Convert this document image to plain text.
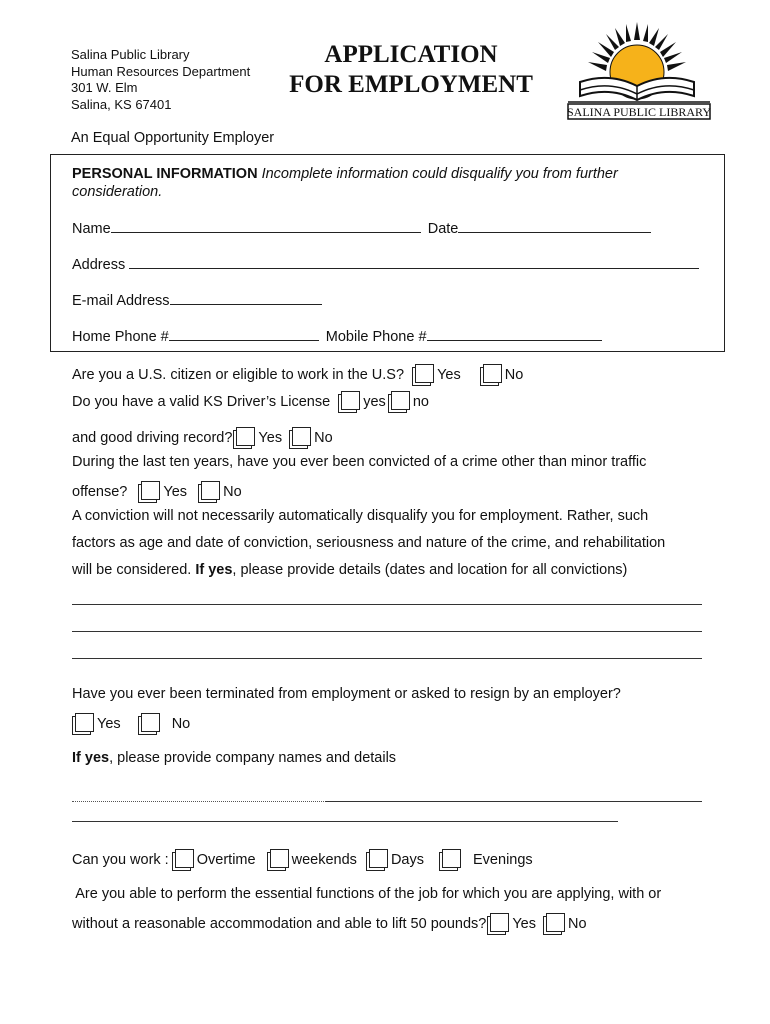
Salina Public Library
Human Resources Department
301 W. Elm
Salina, KS 67401
APPLICATION
FOR EMPLOYMENT
SALINA PUBLIC LIBRARY
An Equal Opportunity Employer
PERSONAL INFORMATION Incomplete information could disqualify you from further
consideration.
Name	Date
Address
E-mail Address
Home Phone #	Mobile Phone #
Are you a U.S. citizen or eligible to work in the U.S? Yes	No
Do you have a valid KS Driver’s License yes no
and good driving record? Yes No
During the last ten years, have you ever been convicted of a crime other than minor traffic
offense? Yes No
A conviction will not necessarily automatically disqualify you for employment. Rather, such
factors as age and date of conviction, seriousness and nature of the crime, and rehabilitation
will be considered. If yes, please provide details (dates and location for all convictions)
Have you ever been terminated from employment or asked to resign by an employer?
Yes	No
If yes, please provide company names and details
Can you work : Overtime weekends Days	Evenings
Are you able to perform the essential functions of the job for which you are applying, with or
without a reasonable accommodation and able to lift 50 pounds? Yes No
